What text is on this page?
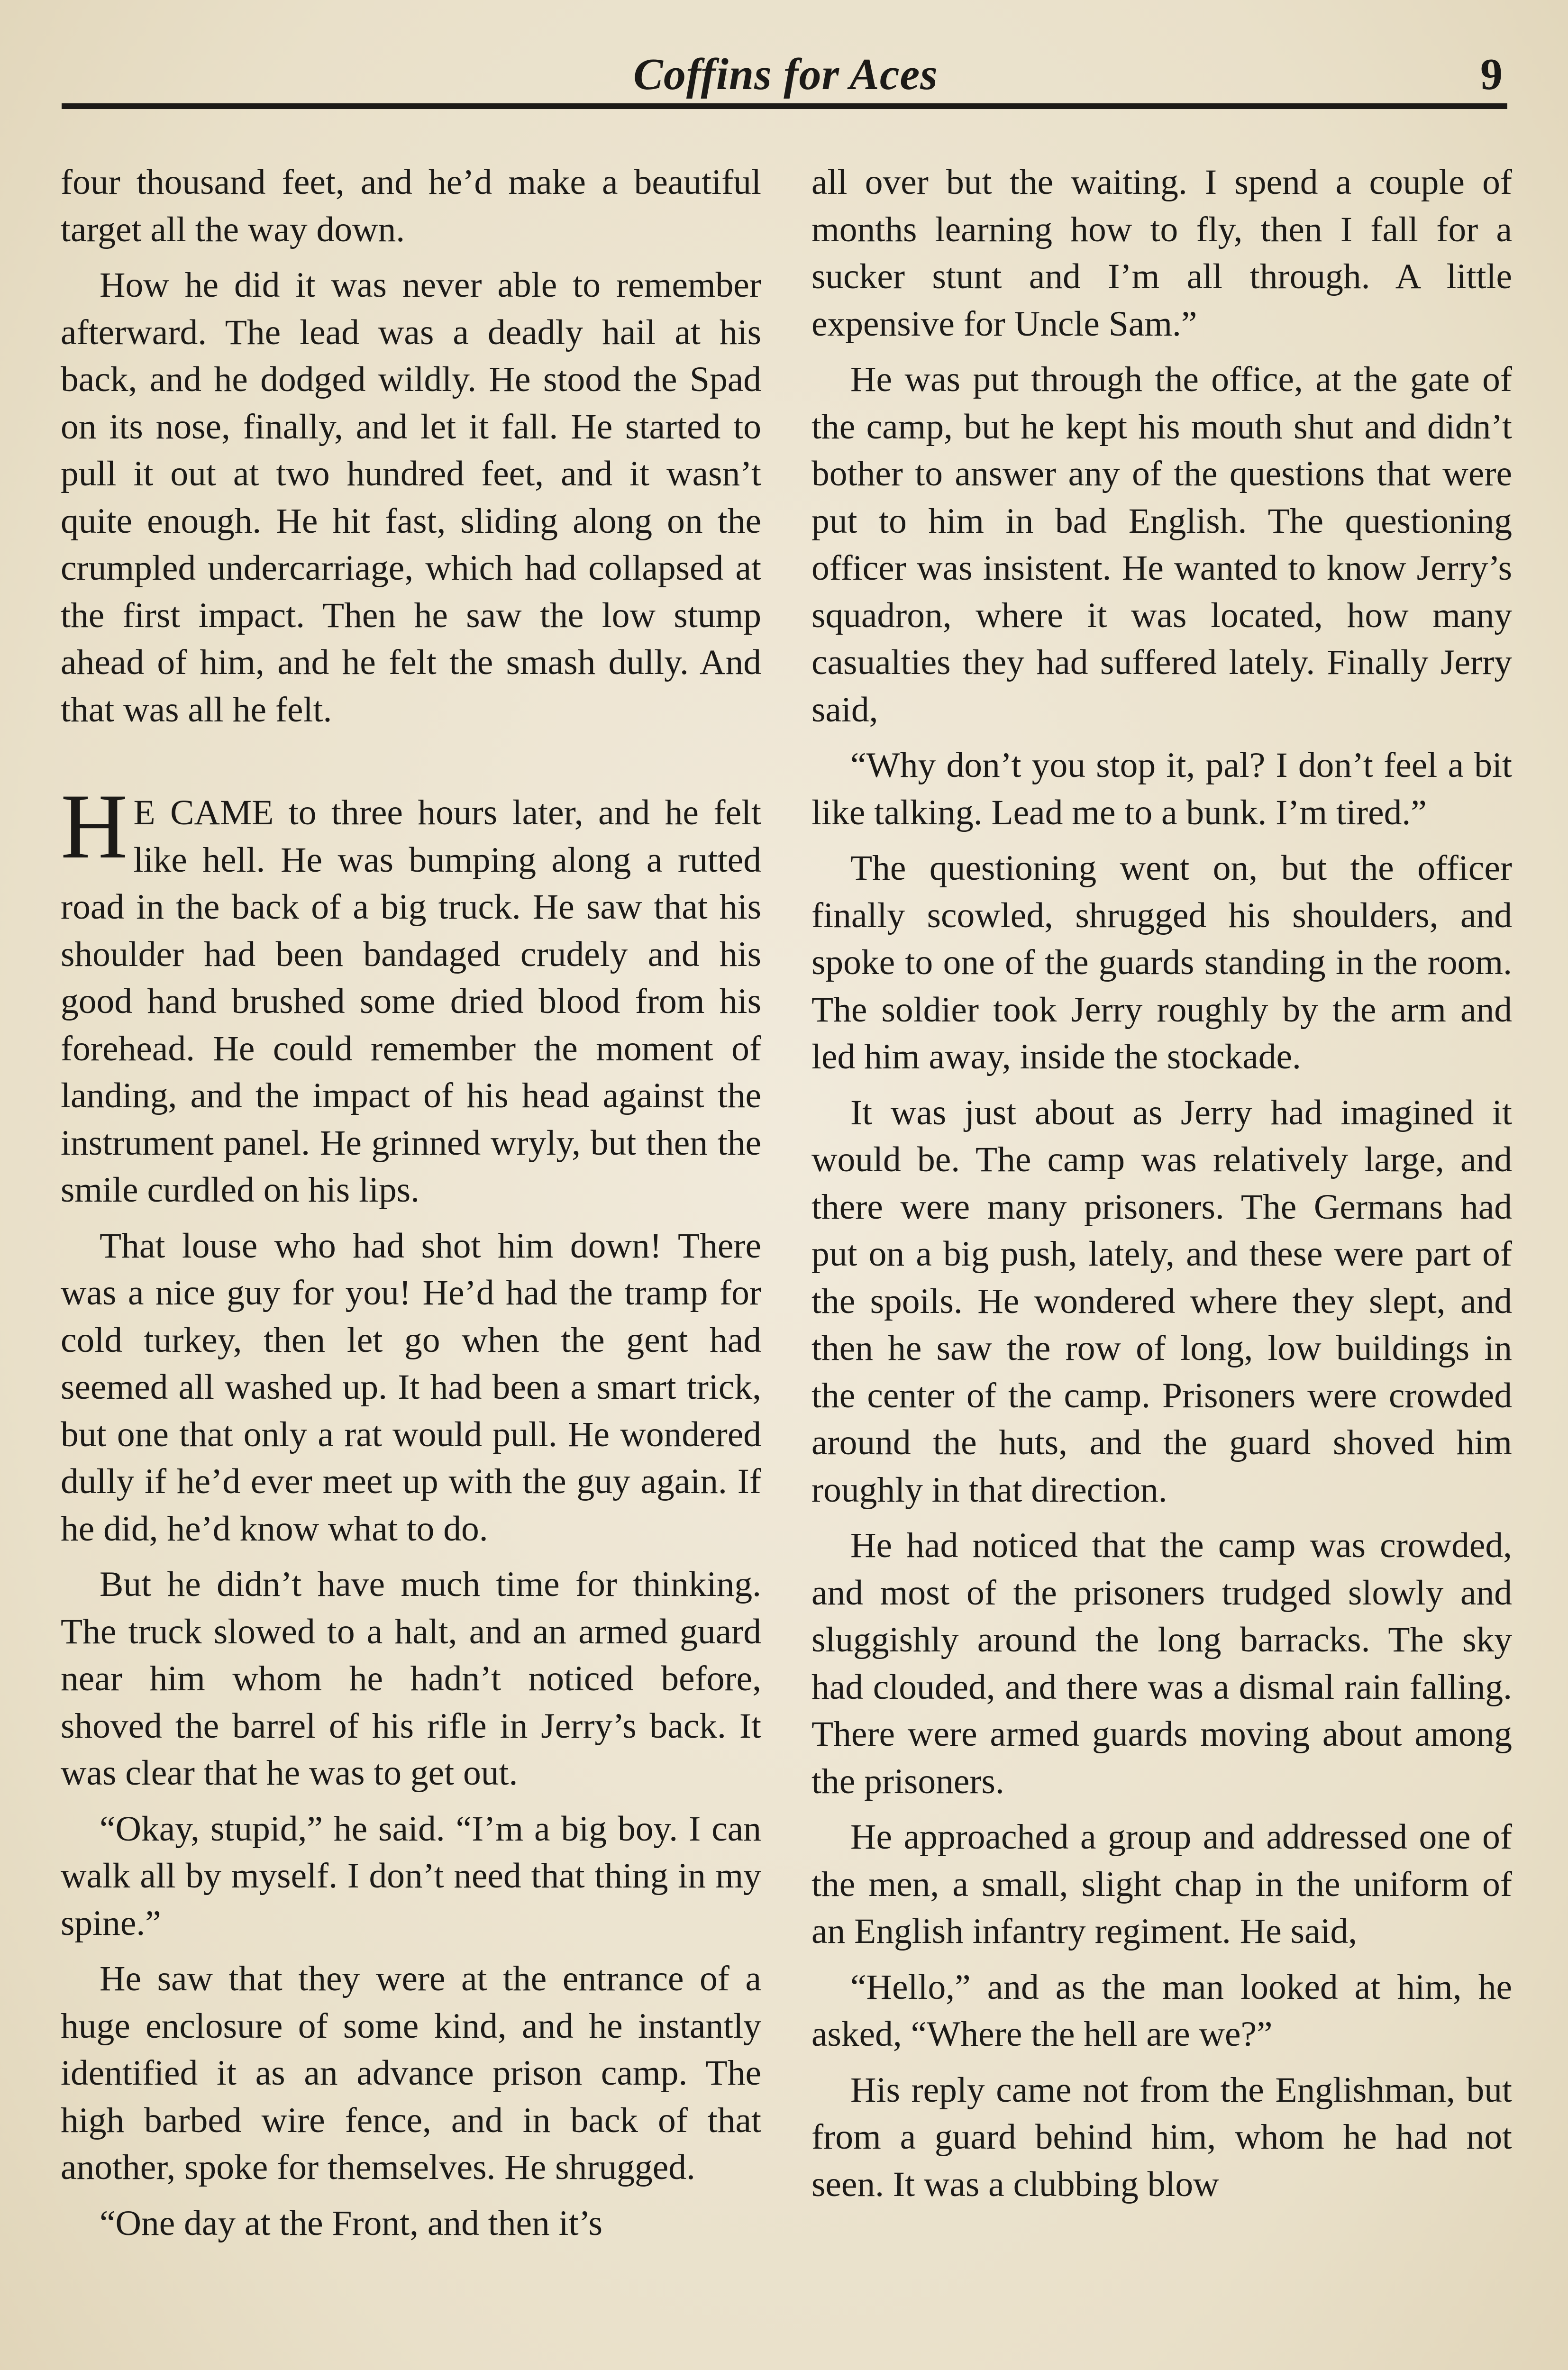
Coffins for Aces	9

four thousand feet, and he’d make a beautiful target all the way down.

How he did it was never able to remember afterward. The lead was a deadly hail at his back, and he dodged wildly. He stood the Spad on its nose, finally, and let it fall. He started to pull it out at two hundred feet, and it wasn’t quite enough. He hit fast, sliding along on the crumpled undercarriage, which had collapsed at the first impact. Then he saw the low stump ahead of him, and he felt the smash dully. And that was all he felt.

H E CAME to three hours later, and he felt like hell. He was bumping along a rutted road in the back of a big truck. He saw that his shoulder had been bandaged crudely and his good hand brushed some dried blood from his forehead. He could remember the moment of landing, and the impact of his head against the instrument panel. He grinned wryly, but then the smile curdled on his lips.

That louse who had shot him down! There was a nice guy for you! He’d had the tramp for cold turkey, then let go when the gent had seemed all washed up. It had been a smart trick, but one that only a rat would pull. He wondered dully if he’d ever meet up with the guy again. If he did, he’d know what to do.

But he didn’t have much time for thinking. The truck slowed to a halt, and an armed guard near him whom he hadn’t noticed before, shoved the barrel of his rifle in Jerry’s back. It was clear that he was to get out.

“Okay, stupid,” he said. “I’m a big boy. I can walk all by myself. I don’t need that thing in my spine.”

He saw that they were at the entrance of a huge enclosure of some kind, and he instantly identified it as an advance prison camp. The high barbed wire fence, and in back of that another, spoke for themselves. He shrugged.

“One day at the Front, and then it’s

all over but the waiting. I spend a couple of months learning how to fly, then I fall for a sucker stunt and I’m all through. A little expensive for Uncle Sam.”

He was put through the office, at the gate of the camp, but he kept his mouth shut and didn’t bother to answer any of the questions that were put to him in bad English. The questioning officer was insistent. He wanted to know Jerry’s squadron, where it was located, how many casualties they had suffered lately. Finally Jerry said,

“Why don’t you stop it, pal? I don’t feel a bit like talking. Lead me to a bunk. I’m tired.”

The questioning went on, but the officer finally scowled, shrugged his shoulders, and spoke to one of the guards standing in the room. The soldier took Jerry roughly by the arm and led him away, inside the stockade.

It was just about as Jerry had imagined it would be. The camp was relatively large, and there were many prisoners. The Germans had put on a big push, lately, and these were part of the spoils. He wondered where they slept, and then he saw the row of long, low buildings in the center of the camp. Prisoners were crowded around the huts, and the guard shoved him roughly in that direction.

He had noticed that the camp was crowded, and most of the prisoners trudged slowly and sluggishly around the long barracks. The sky had clouded, and there was a dismal rain falling. There were armed guards moving about among the prisoners.

He approached a group and addressed one of the men, a small, slight chap in the uniform of an English infantry regiment. He said,

“Hello,” and as the man looked at him, he asked, “Where the hell are we?”

His reply came not from the Englishman, but from a guard behind him, whom he had not seen. It was a clubbing blow
